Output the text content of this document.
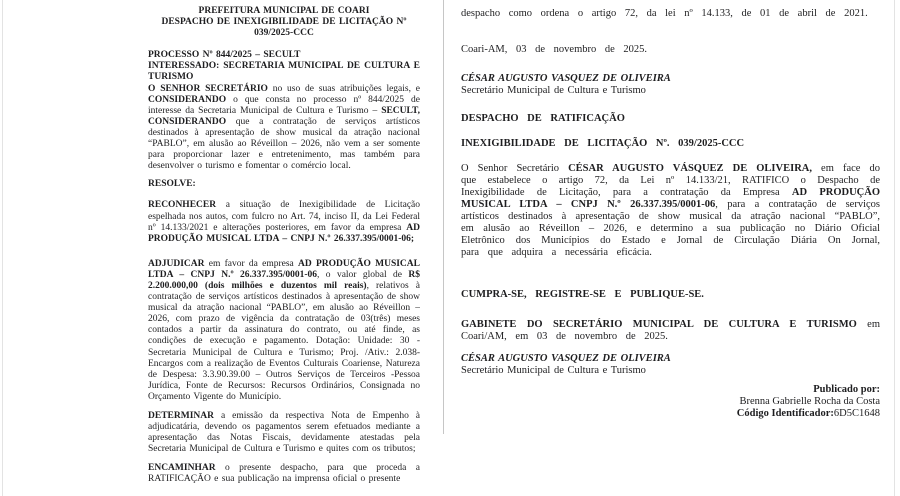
PREFEITURA MUNICIPAL DE COARI
DESPACHO DE INEXIGIBILIDADE DE LICITAÇÃO Nº
039/2025-CCC

PROCESSO Nº 844/2025 – SECULT

INTERESSADO: SECRETARIA MUNICIPAL DE CULTURA E TURISMO

O SENHOR SECRETÁRIO no uso de suas atribuições legais, e CONSIDERANDO o que consta no processo nº 844/2025 de interesse da Secretaria Municipal de Cultura e Turismo – SECULT, CONSIDERANDO que a contratação de serviços artísticos destinados à apresentação de show musical da atração nacional “PABLO”, em alusão ao Réveillon – 2026, não vem a ser somente para proporcionar lazer e entretenimento, mas também para desenvolver o turismo e fomentar o comércio local.

RESOLVE:

RECONHECER a situação de Inexigibilidade de Licitação espelhada nos autos, com fulcro no Art. 74, inciso II, da Lei Federal nº 14.133/2021 e alterações posteriores, em favor da empresa AD PRODUÇÃO MUSICAL LTDA – CNPJ N.º 26.337.395/0001-06;

ADJUDICAR em favor da empresa AD PRODUÇÃO MUSICAL LTDA – CNPJ N.º 26.337.395/0001-06, o valor global de R$ 2.200.000,00 (dois milhões e duzentos mil reais), relativos à contratação de serviços artísticos destinados à apresentação de show musical da atração nacional “PABLO”, em alusão ao Réveillon – 2026, com prazo de vigência da contratação de 03(três) meses contados a partir da assinatura do contrato, ou até finde, as condições de execução e pagamento. Dotação: Unidade: 30 - Secretaria Municipal de Cultura e Turismo; Proj. /Ativ.: 2.038- Encargos com a realização de Eventos Culturais Coariense, Natureza de Despesa: 3.3.90.39.00 – Outros Serviços de Terceiros -Pessoa Jurídica, Fonte de Recursos: Recursos Ordinários, Consignada no Orçamento Vigente do Município.

DETERMINAR a emissão da respectiva Nota de Empenho à adjudicatária, devendo os pagamentos serem efetuados mediante a apresentação das Notas Fiscais, devidamente atestadas pela Secretaria Municipal de Cultura e Turismo e quites com os tributos;

ENCAMINHAR o presente despacho, para que proceda a RATIFICAÇÃO e sua publicação na imprensa oficial o presente

despacho como ordena o artigo 72, da lei nº 14.133, de 01 de abril de 2021.

Coari-AM, 03 de novembro de 2025.

CÉSAR AUGUSTO VASQUEZ DE OLIVEIRA
Secretário Municipal de Cultura e Turismo

DESPACHO DE RATIFICAÇÃO

INEXIGIBILIDADE DE LICITAÇÃO Nº. 039/2025-CCC

O Senhor Secretário CÉSAR AUGUSTO VÁSQUEZ DE OLIVEIRA, em face do que estabelece o artigo 72, da Lei nº 14.133/21, RATIFICO o Despacho de Inexigibilidade de Licitação, para a contratação da Empresa AD PRODUÇÃO MUSICAL LTDA – CNPJ N.º 26.337.395/0001-06, para a contratação de serviços artísticos destinados à apresentação de show musical da atração nacional “PABLO”, em alusão ao Réveillon – 2026, e determino a sua publicação no Diário Oficial Eletrônico dos Municípios do Estado e Jornal de Circulação Diária On Jornal, para que adquira a necessária eficácia.

CUMPRA-SE, REGISTRE-SE E PUBLIQUE-SE.

GABINETE DO SECRETÁRIO MUNICIPAL DE CULTURA E TURISMO em Coari/AM, em 03 de novembro de 2025.

CÉSAR AUGUSTO VASQUEZ DE OLIVEIRA
Secretário Municipal de Cultura e Turismo
Publicado por:
Brenna Gabrielle Rocha da Costa
Código Identificador:6D5C1648
